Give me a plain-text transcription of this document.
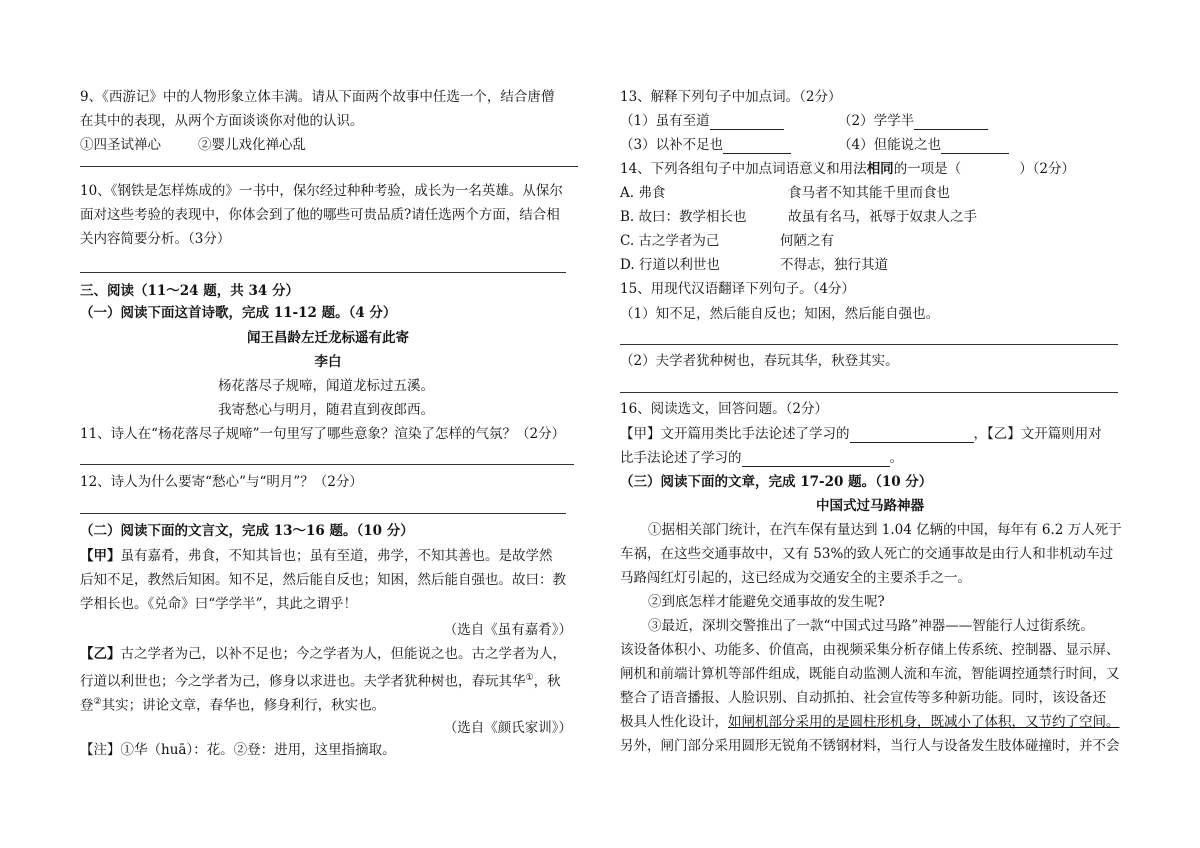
9、《西游记》中的人物形象立体丰满。请从下面两个故事中任选一个，结合唐僧
在其中的表现，从两个方面谈谈你对他的认识。
①四圣试禅心	②婴儿戏化禅心乱
10、《钢铁是怎样炼成的》一书中，保尔经过种种考验，成长为一名英雄。从保尔
面对这些考验的表现中，你体会到了他的哪些可贵品质?请任选两个方面，结合相
关内容简要分析。（3分）
三、阅读（11～24 题，共 34 分）
（一）阅读下面这首诗歌，完成 11-12 题。（4 分）
闻王昌龄左迁龙标遥有此寄
李白
杨花落尽子规啼，闻道龙标过五溪。
我寄愁心与明月，随君直到夜郎西。
11、诗人在“杨花落尽子规啼”一句里写了哪些意象？渲染了怎样的气氛？（2分）
12、诗人为什么要寄“愁心”与“明月”？（2分）
（二）阅读下面的文言文，完成 13～16 题。（10 分）
【甲】虽有嘉肴，弗食，不知其旨也；虽有至道，弗学，不知其善也。是故学然
后知不足，教然后知困。知不足，然后能自反也；知困，然后能自强也。故曰：教
学相长也。《兑命》曰“学学半”，其此之谓乎！
（选自《虽有嘉肴》）
【乙】古之学者为己，以补不足也；今之学者为人，但能说之也。古之学者为人，
行道以利世也；今之学者为己，修身以求进也。夫学者犹种树也，春玩其华①，秋
登②其实；讲论文章，春华也，修身利行，秋实也。
（选自《颜氏家训》）
【注】①华（huā）：花。②登：进用，这里指摘取。
13、解释下列句子中加点词。（2分）
（1）虽有至道	（2）学学半
（3）以补不足也	（4）但能说之也
14、下列各组句子中加点词语意义和用法相同的一项是（	）（2分）
A. 弗食	食马者不知其能千里而食也
B. 故曰：教学相长也	故虽有名马，祇辱于奴隶人之手
C. 古之学者为己	何陋之有
D. 行道以利世也	不得志，独行其道
15、用现代汉语翻译下列句子。（4分）
（1）知不足，然后能自反也；知困，然后能自强也。
（2）夫学者犹种树也，春玩其华，秋登其实。
16、阅读选文，回答问题。（2分）
【甲】文开篇用类比手法论述了学习的	，【乙】文开篇则用对
比手法论述了学习的	。
（三）阅读下面的文章，完成 17-20 题。（10 分）
中国式过马路神器
①据相关部门统计，在汽车保有量达到 1.04 亿辆的中国，每年有 6.2 万人死于
车祸，在这些交通事故中，又有 53%的致人死亡的交通事故是由行人和非机动车过
马路闯红灯引起的，这已经成为交通安全的主要杀手之一。
②到底怎样才能避免交通事故的发生呢?
③最近，深圳交警推出了一款“中国式过马路”神器——智能行人过街系统。
该设备体积小、功能多、价值高，由视频采集分析存储上传系统、控制器、显示屏、
闸机和前端计算机等部件组成，既能自动监测人流和车流，智能调控通禁行时间，又
整合了语音播报、人脸识别、自动抓拍、社会宣传等多种新功能。同时，该设备还
极具人性化设计，如闸机部分采用的是圆柱形机身，既减小了体积，又节约了空间。
另外，闸门部分采用圆形无锐角不锈钢材料，当行人与设备发生肢体碰撞时，并不会
